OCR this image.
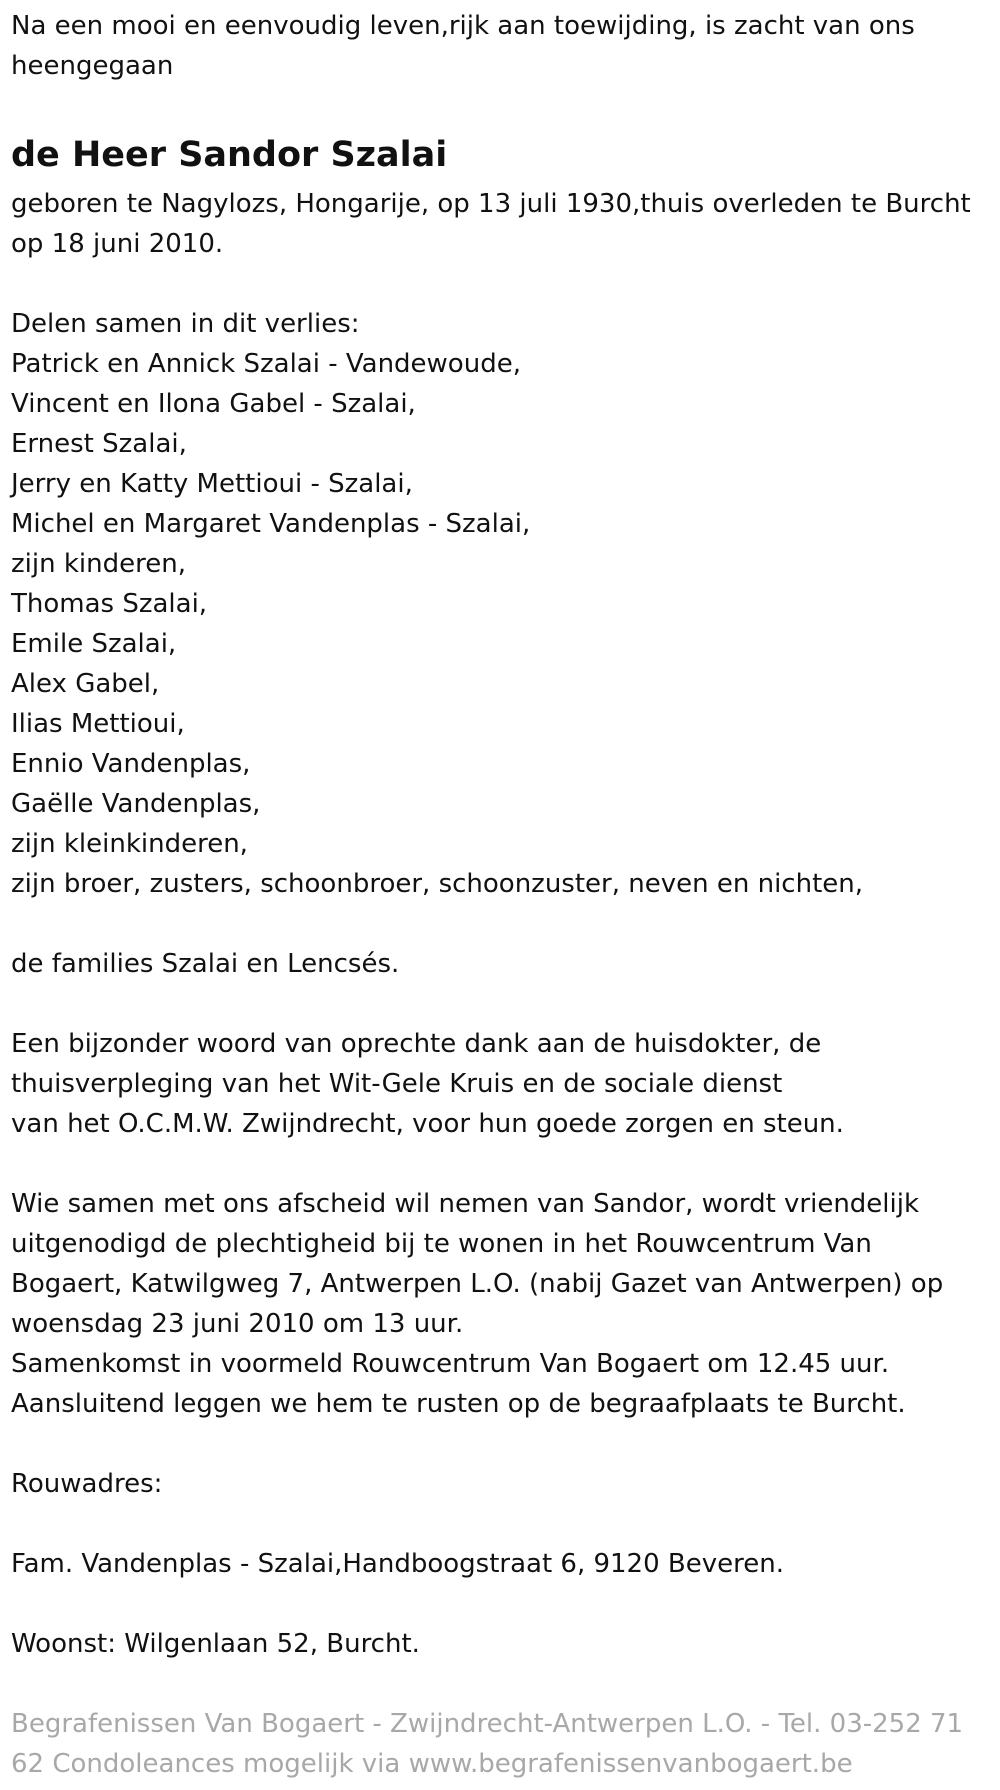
Na een mooi en eenvoudig leven,rijk aan toewijding, is zacht van ons
heengegaan
de Heer Sandor Szalai
geboren te Nagylozs, Hongarije, op 13 juli 1930,thuis overleden te Burcht
op 18 juni 2010.
Delen samen in dit verlies:
Patrick en Annick Szalai - Vandewoude,
Vincent en Ilona Gabel - Szalai,
Ernest Szalai,
Jerry en Katty Mettioui - Szalai,
Michel en Margaret Vandenplas - Szalai,
zijn kinderen,
Thomas Szalai,
Emile Szalai,
Alex Gabel,
Ilias Mettioui,
Ennio Vandenplas,
Gaëlle Vandenplas,
zijn kleinkinderen,
zijn broer, zusters, schoonbroer, schoonzuster, neven en nichten,
de families Szalai en Lencsés.
Een bijzonder woord van oprechte dank aan de huisdokter, de
thuisverpleging van het Wit-Gele Kruis en de sociale dienst
van het O.C.M.W. Zwijndrecht, voor hun goede zorgen en steun.
Wie samen met ons afscheid wil nemen van Sandor, wordt vriendelijk
uitgenodigd de plechtigheid bij te wonen in het Rouwcentrum Van
Bogaert, Katwilgweg 7, Antwerpen L.O. (nabij Gazet van Antwerpen) op
woensdag 23 juni 2010 om 13 uur.
Samenkomst in voormeld Rouwcentrum Van Bogaert om 12.45 uur.
Aansluitend leggen we hem te rusten op de begraafplaats te Burcht.
Rouwadres:
Fam. Vandenplas - Szalai,Handboogstraat 6, 9120 Beveren.
Woonst: Wilgenlaan 52, Burcht.
Begrafenissen Van Bogaert - Zwijndrecht-Antwerpen L.O. - Tel. 03-252 71
62 Condoleances mogelijk via www.begrafenissenvanbogaert.be
